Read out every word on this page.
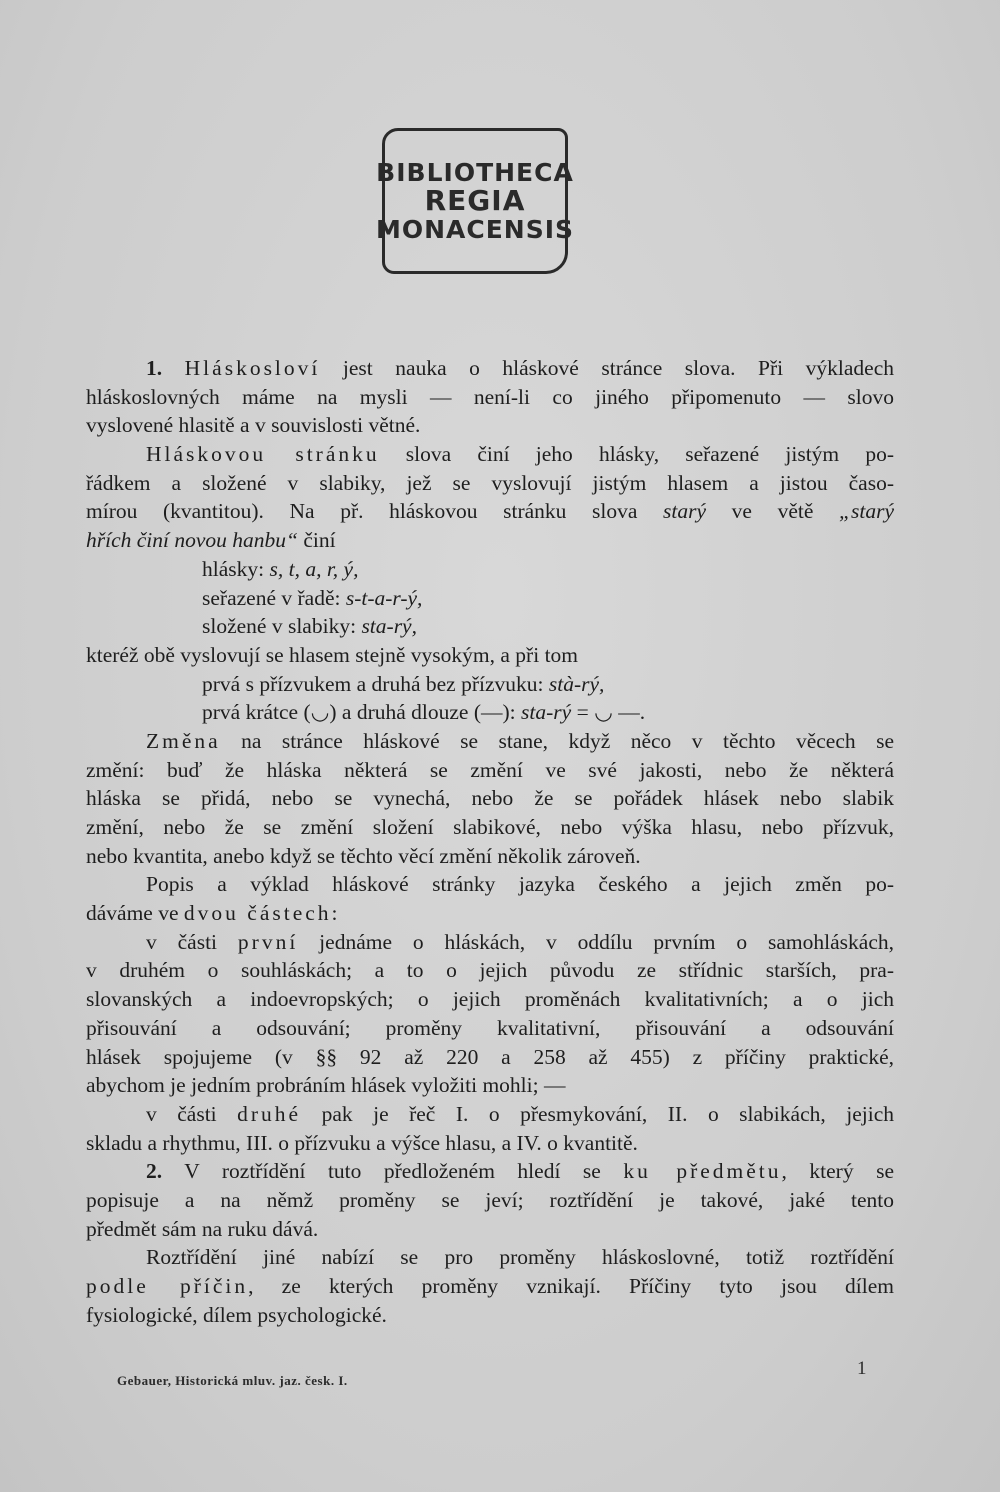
BIBLIOTHECA
REGIA
MONACENSIS
1. Hláskosloví jest nauka o hláskové stránce slova. Při výkladech
hláskoslovných máme na mysli — není-li co jiného připomenuto — slovo
vyslovené hlasitě a v souvislosti větné.
Hláskovou stránku slova činí jeho hlásky, seřazené jistým po-
řádkem a složené v slabiky, jež se vyslovují jistým hlasem a jistou časo-
mírou (kvantitou). Na př. hláskovou stránku slova starý ve větě „starý
hřích činí novou hanbu“ činí
hlásky: s, t, a, r, ý,
seřazené v řadě: s-t-a-r-ý,
složené v slabiky: sta-rý,
kteréž obě vyslovují se hlasem stejně vysokým, a při tom
prvá s přízvukem a druhá bez přízvuku: stà-rý,
prvá krátce (◡) a druhá dlouze (—): sta-rý = ◡ —.
Změna na stránce hláskové se stane, když něco v těchto věcech se
změní: buď že hláska některá se změní ve své jakosti, nebo že některá
hláska se přidá, nebo se vynechá, nebo že se pořádek hlásek nebo slabik
změní, nebo že se změní složení slabikové, nebo výška hlasu, nebo přízvuk,
nebo kvantita, anebo když se těchto věcí změní několik zároveň.
Popis a výklad hláskové stránky jazyka českého a jejich změn po-
dáváme ve dvou částech:
v části první jednáme o hláskách, v oddílu prvním o samohláskách,
v druhém o souhláskách; a to o jejich původu ze střídnic starších, pra-
slovanských a indoevropských; o jejich proměnách kvalitativních; a o jich
přisouvání a odsouvání; proměny kvalitativní, přisouvání a odsouvání
hlásek spojujeme (v §§ 92 až 220 a 258 až 455) z příčiny praktické,
abychom je jedním probráním hlásek vyložiti mohli; —
v části druhé pak je řeč I. o přesmykování, II. o slabikách, jejich
skladu a rhythmu, III. o přízvuku a výšce hlasu, a IV. o kvantitě.
2. V roztřídění tuto předloženém hledí se ku předmětu, který se
popisuje a na němž proměny se jeví; roztřídění je takové, jaké tento
předmět sám na ruku dává.
Roztřídění jiné nabízí se pro proměny hláskoslovné, totiž roztřídění
podle příčin, ze kterých proměny vznikají. Příčiny tyto jsou dílem
fysiologické, dílem psychologické.
Gebauer, Historická mluv. jaz. česk. I.
1
